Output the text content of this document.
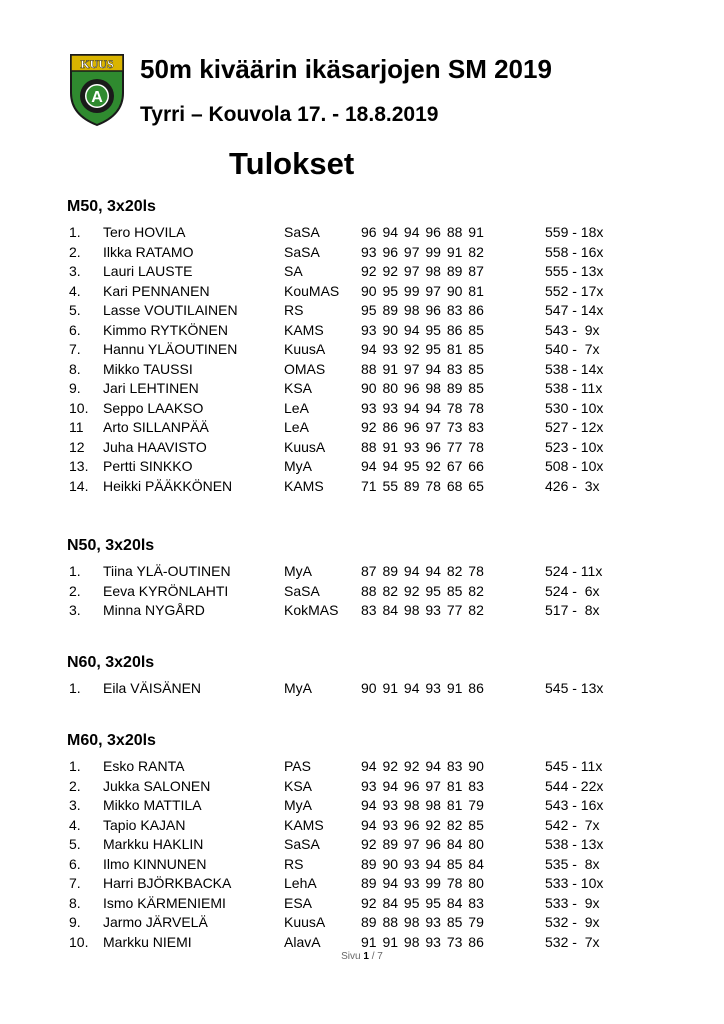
KUUS
A
50m kiväärin ikäsarjojen SM 2019
Tyrri – Kouvola 17. - 18.8.2019
Tulokset
M50, 3x20ls
1. Tero HOVILA	SaSA	96 94 94 96 88 91	559 - 18x
2. Ilkka RATAMO	SaSA	93 96 97 99 91 82	558 - 16x
3. Lauri LAUSTE	SA	92 92 97 98 89 87	555 - 13x
4. Kari PENNANEN	KouMAS 90 95 99 97 90 81	552 - 17x
5. Lasse VOUTILAINEN	RS	95 89 98 96 83 86	547 - 14x
6. Kimmo RYTKÖNEN	KAMS	93 90 94 95 86 85	543 -  9x
7. Hannu YLÄOUTINEN	KuusA	94 93 92 95 81 85	540 -  7x
8. Mikko TAUSSI	OMAS	88 91 97 94 83 85	538 - 14x
9. Jari LEHTINEN	KSA	90 80 96 98 89 85	538 - 11x
10. Seppo LAAKSO	LeA	93 93 94 94 78 78	530 - 10x
11 Arto SILLANPÄÄ	LeA	92 86 96 97 73 83	527 - 12x
12 Juha HAAVISTO	KuusA	88 91 93 96 77 78	523 - 10x
13. Pertti SINKKO	MyA	94 94 95 92 67 66	508 - 10x
14. Heikki PÄÄKKÖNEN	KAMS	71 55 89 78 68 65	426 -  3x
N50, 3x20ls
1. Tiina YLÄ-OUTINEN	MyA	87 89 94 94 82 78	524 - 11x
2. Eeva KYRÖNLAHTI	SaSA	88 82 92 95 85 82	524 -  6x
3. Minna NYGÅRD	KokMAS 83 84 98 93 77 82	517 -  8x
N60, 3x20ls
1. Eila VÄISÄNEN	MyA	90 91 94 93 91 86	545 - 13x
M60, 3x20ls
1. Esko RANTA	PAS	94 92 92 94 83 90	545 - 11x
2. Jukka SALONEN	KSA	93 94 96 97 81 83	544 - 22x
3. Mikko MATTILA	MyA	94 93 98 98 81 79	543 - 16x
4. Tapio KAJAN	KAMS	94 93 96 92 82 85	542 -  7x
5. Markku HAKLIN	SaSA	92 89 97 96 84 80	538 - 13x
6. Ilmo KINNUNEN	RS	89 90 93 94 85 84	535 -  8x
7. Harri BJÖRKBACKA	LehA	89 94 93 99 78 80	533 - 10x
8. Ismo KÄRMENIEMI	ESA	92 84 95 95 84 83	533 -  9x
9. Jarmo JÄRVELÄ	KuusA	89 88 98 93 85 79	532 -  9x
10. Markku NIEMI	AlavA	91 91 98 93 73 86	532 -  7x
Sivu 1 / 7
